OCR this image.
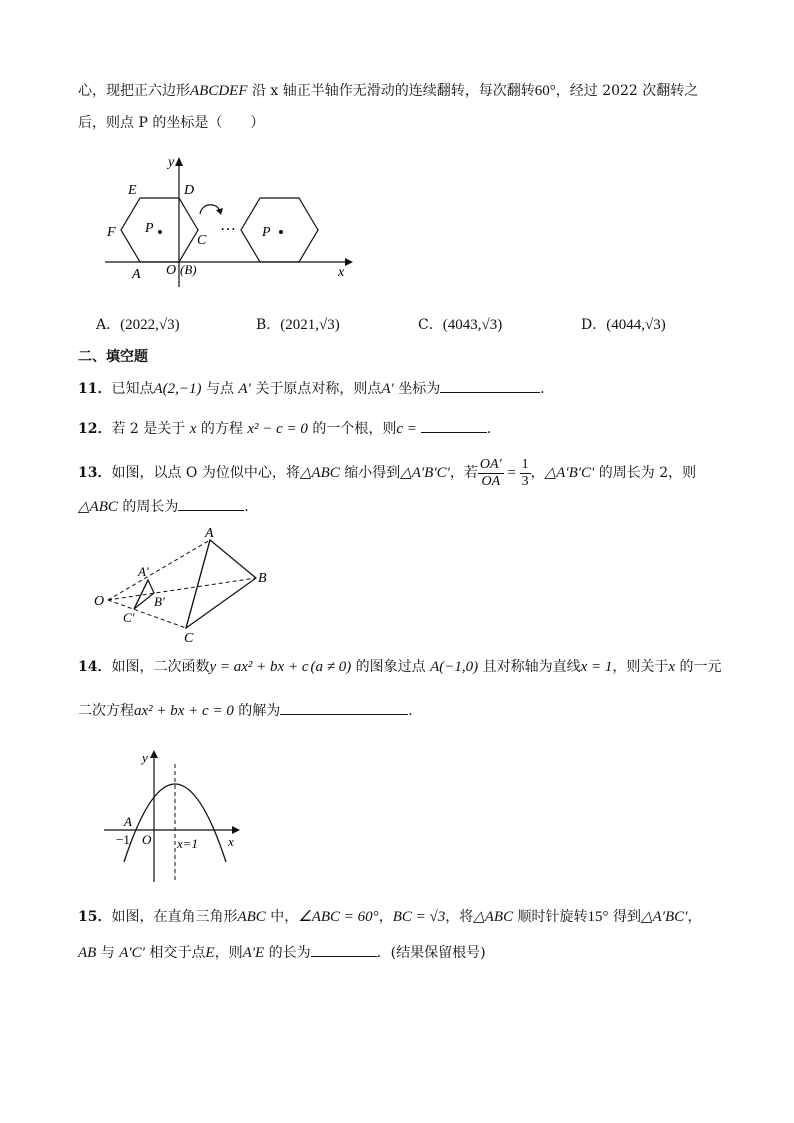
心，现把正六边形ABCDEF 沿 x 轴正半轴作无滑动的连续翻转，每次翻转60°，经过 2022 次翻转之
后，则点 P 的坐标是（　　）
…
E	D
F P
C
A O (B)	x
y
P
A．(2022,√3)	B．(2021,√3)	C．(4043,√3)	D．(4044,√3)
二、填空题
11．已知点A(2,−1) 与点 A′ 关于原点对称，则点A′ 坐标为	．
12．若 2 是关于 x 的方程 x² − c = 0 的一个根，则c =	．
13．如图，以点 O 为位似中心，将△ABC 缩小得到△A′B′C′，若 $\frac{OA'}{OA} = \frac{1}{3}$ ，△A′B′C′ 的周长为 2，则
△ABC 的周长为	．
A
B
C
O
A′
B′
C′
14．如图，二次函数y = ax² + bx + c (a ≠ 0) 的图象过点 A(−1,0) 且对称轴为直线x = 1，则关于x 的一元
二次方程ax² + bx + c = 0 的解为	．
y
A
−1 O	x
x=1
15．如图，在直角三角形ABC 中，∠ABC = 60°，BC = √3，将△ABC 顺时针旋转15° 得到△A′BC′，
AB 与 A′C′ 相交于点E，则A′E 的长为	．(结果保留根号)
